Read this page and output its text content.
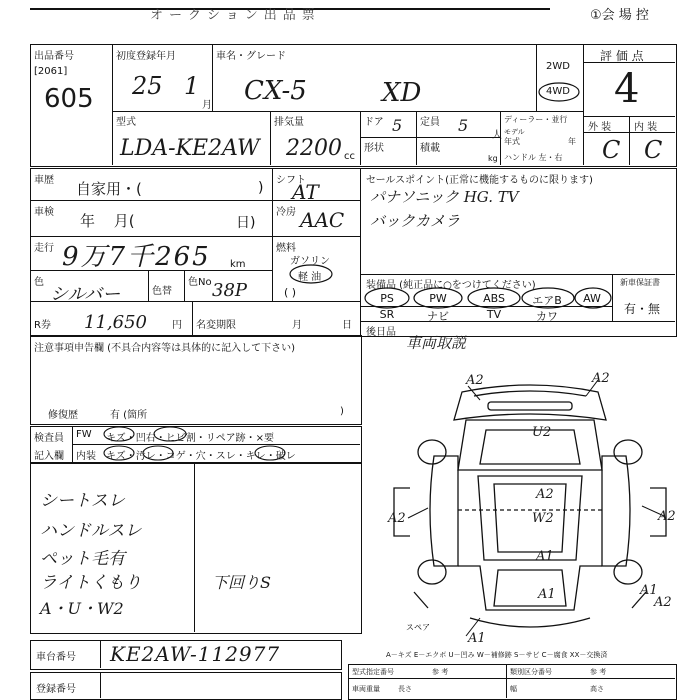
オークション出品票	①会 場 控
出品番号
[2061]
605
初度登録年月
25 1
月
車名・グレード
CX-5	XD
2WD
4WD
評 価 点
4
外 装 内 装
C C
型式
LDA-KE2AW
排気量
2200 cc
ドア 5 定員 5
人
ディーラー・並行
モデル
年式	年
形状	積載
kg ハンドル 左・右
車歴 自家用・(	) シフト
AT
車検 年 月(	日)
冷房 AAC
走行 9万7千265 km
燃料
ガソリン
軽 油
( )
色
シルバー	色替
色No 38P
R券 11,650	円 名変期限	月	日
セールスポイント(正常に機能するものに限ります)
パナソニック HG. TV
バックカメラ
装備品 (純正品に○をつけてください)	新車保証書
有・無
PS	PW	ABS	エアB	AW
SR	ナビ	TV	カワ
後日品
車両取説
注意事項申告欄 (不具合内容等は具体的に記入して下さい)
修復歴	有 (箇所	)
検査員
記入欄
FW キズ・凹右・ヒビ割・リペア跡・×要
内装 キズ・汚レ・コゲ・穴・スレ・キレ・破レ
シートスレ
ハンドルスレ
ペット毛有
ライトくもり
A・U・W2
下回りS
A2	A2
U2
A2
W2
A2	A2
A1
A1
A1
A2
A1
スペア
A－キズ E－エクボ U－凹み W－補修跡 S－サビ C－腐食 XX－交換済
車台番号 KE2AW-112977
登録番号
型式指定番号	参 考	類別区分番号	参 考
車両重量	長さ	幅	高さ
